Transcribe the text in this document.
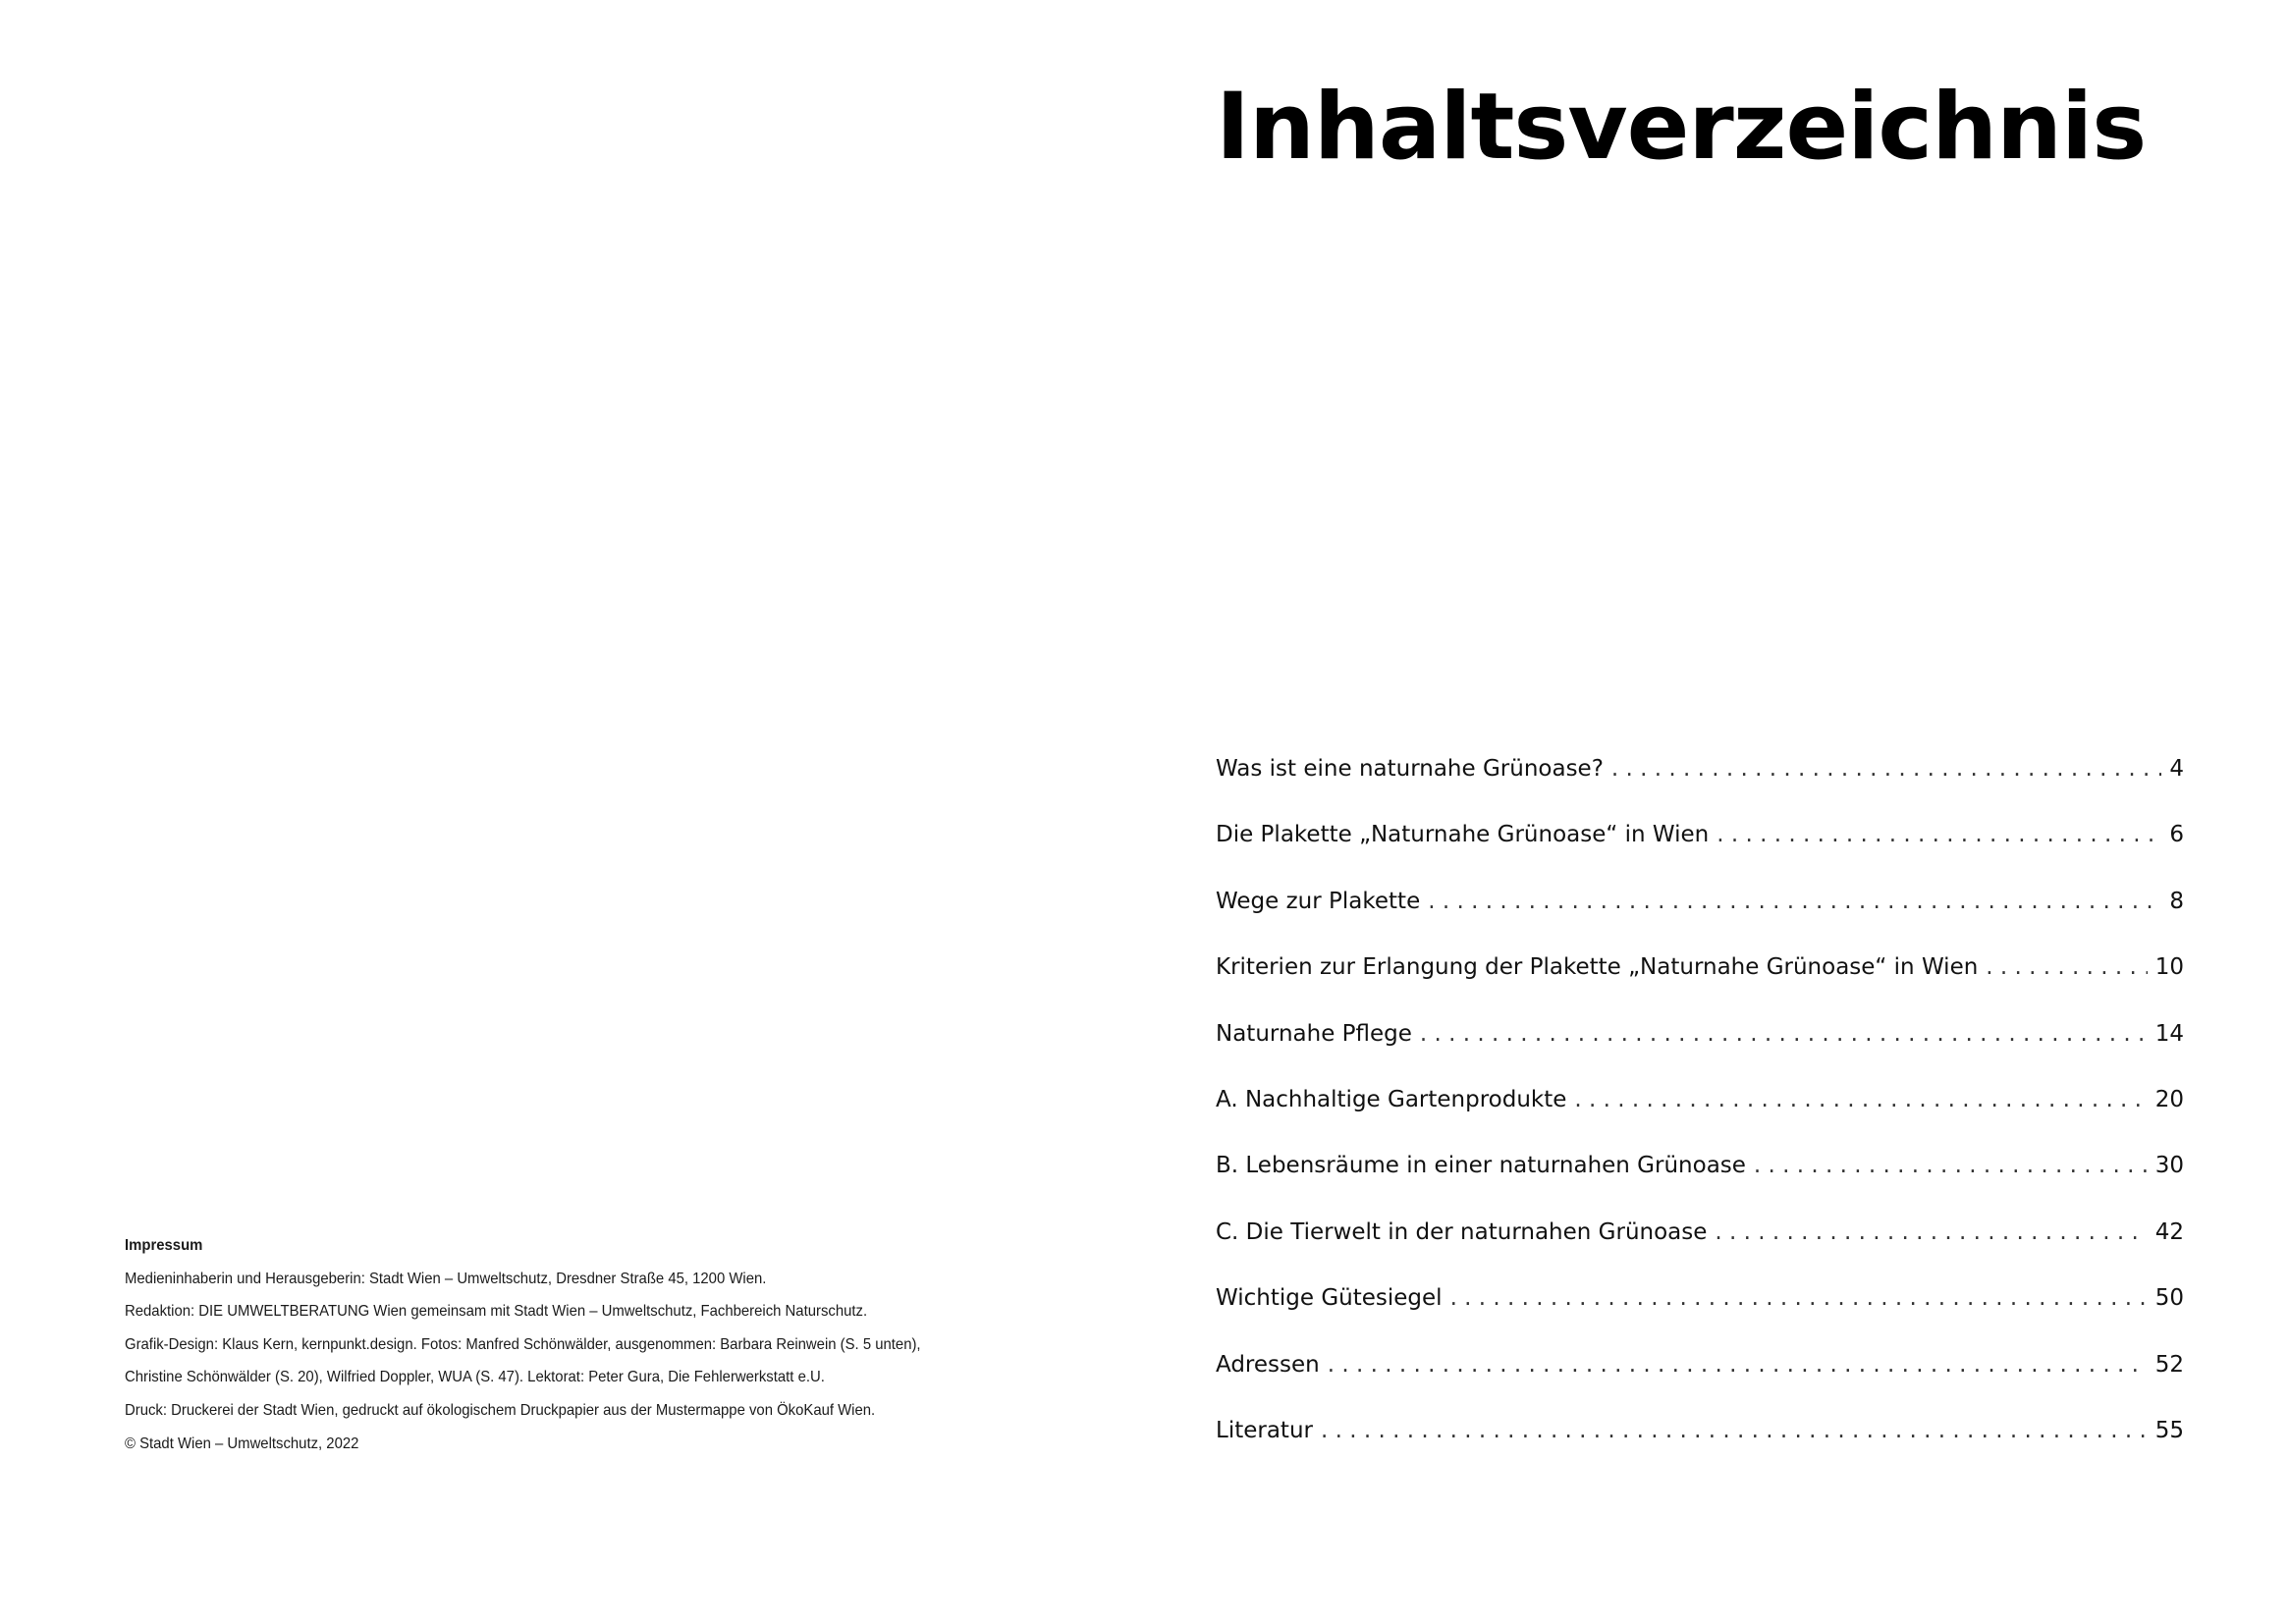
Impressum
Medieninhaberin und Herausgeberin: Stadt Wien – Umweltschutz, Dresdner Straße 45, 1200 Wien.
Redaktion: DIE UMWELTBERATUNG Wien gemeinsam mit Stadt Wien – Umweltschutz, Fachbereich Naturschutz.
Grafik-Design: Klaus Kern, kernpunkt.design. Fotos: Manfred Schönwälder, ausgenommen: Barbara Reinwein (S. 5 unten),
Christine Schönwälder (S. 20), Wilfried Doppler, WUA (S. 47). Lektorat: Peter Gura, Die Fehlerwerkstatt e.U.
Druck: Druckerei der Stadt Wien, gedruckt auf ökologischem Druckpapier aus der Mustermappe von ÖkoKauf Wien.
© Stadt Wien – Umweltschutz, 2022
Inhaltsverzeichnis
Was ist eine naturnahe Grünoase? . . .	4
Die Plakette „Naturnahe Grünoase“ in Wien . . .	6
Wege zur Plakette . . .	8
Kriterien zur Erlangung der Plakette „Naturnahe Grünoase“ in Wien . . .	10
Naturnahe Pflege . . .	14
A. Nachhaltige Gartenprodukte . . .	20
B. Lebensräume in einer naturnahen Grünoase . . .	30
C. Die Tierwelt in der naturnahen Grünoase . . .	42
Wichtige Gütesiegel . . .	50
Adressen . . .	52
Literatur . . .	55
